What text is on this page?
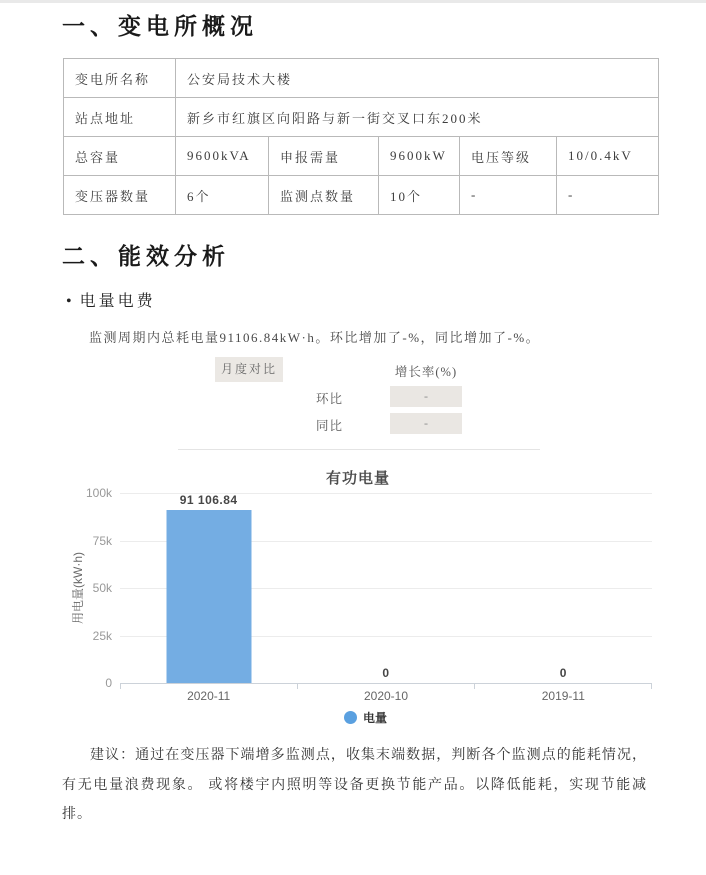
一、变电所概况
变电所名称	公安局技术大楼				
站点地址	新乡市红旗区向阳路与新一街交叉口东200米				
总容量	9600kVA	申报需量	9600kW	电压等级	10/0.4kV
变压器数量	6个	监测点数量	10个	-	-
二、能效分析
• 电量电费

监测周期内总耗电量91106.84kW·h。环比增加了-%，同比增加了-%。

月度对比	增长率(%)
环比	-
同比	-
有功电量
用电量(kW·h)
100k
75k
50k
25k
0
91 106.84
0	0
2020-11	2020-10	2019-11
电量

建议：通过在变压器下端增多监测点，收集末端数据，判断各个监测点的能耗情况，有无电量浪费现象。 或将楼宇内照明等设备更换节能产品。以降低能耗，实现节能减排。
